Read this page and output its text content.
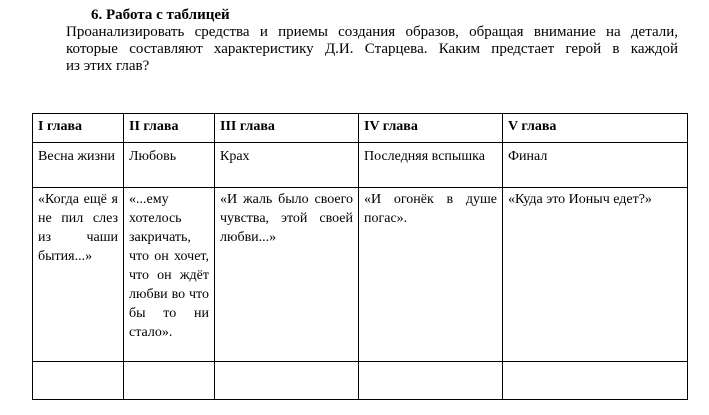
6. Работа с таблицей
Проанализировать средства и приемы создания образов, обращая внимание на детали,
которые составляют характеристику Д.И. Старцева. Каким предстает герой в каждой
из этих глав?
I глава	II глава	III глава	IV глава	V глава
Весна жизни	Любовь	Крах	Последняя вспышка	Финал

«Когда ещё я не пил слез из чаши бытия...»	«...ему хотелось закричать, что он хочет, что он ждёт любви во что бы то ни стало».	«И жаль было своего чувства, этой своей любви...»	«И огонёк в душе погас».	«Куда это Ионыч едет?»
